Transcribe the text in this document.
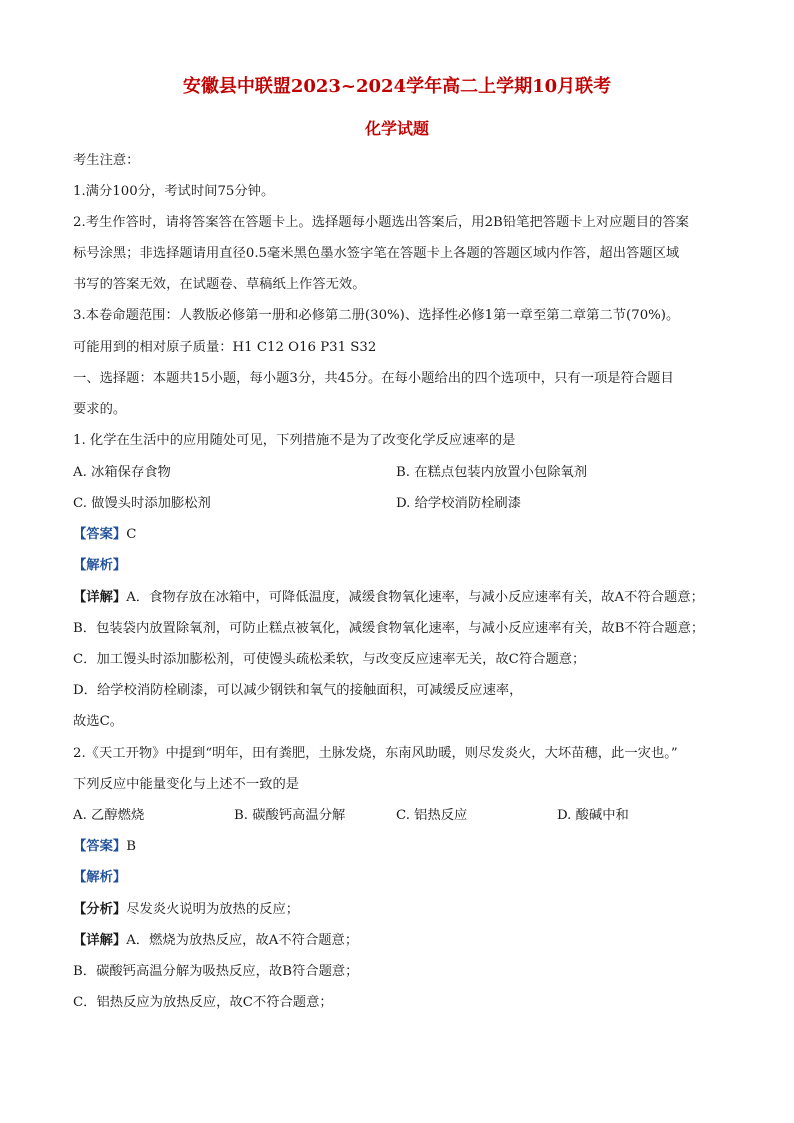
安徽县中联盟2023~2024学年高二上学期10月联考
化学试题
考生注意：
1.满分100分，考试时间75分钟。
2.考生作答时，请将答案答在答题卡上。选择题每小题选出答案后，用2B铅笔把答题卡上对应题目的答案
标号涂黑；非选择题请用直径0.5毫米黑色墨水签字笔在答题卡上各题的答题区域内作答，超出答题区域
书写的答案无效，在试题卷、草稿纸上作答无效。
3.本卷命题范围：人教版必修第一册和必修第二册(30%)、选择性必修1第一章至第二章第二节(70%)。
可能用到的相对原子质量：H1 C12 O16 P31 S32
一、选择题：本题共15小题，每小题3分，共45分。在每小题给出的四个选项中，只有一项是符合题目
要求的。
1. 化学在生活中的应用随处可见，下列措施不是为了改变化学反应速率的是
A. 冰箱保存食物	B. 在糕点包装内放置小包除氧剂
C. 做馒头时添加膨松剂	D. 给学校消防栓刷漆
【答案】C
【解析】
【详解】A．食物存放在冰箱中，可降低温度，减缓食物氧化速率，与减小反应速率有关，故A不符合题意；
B．包装袋内放置除氧剂，可防止糕点被氧化，减缓食物氧化速率，与减小反应速率有关，故B不符合题意；
C．加工馒头时添加膨松剂，可使馒头疏松柔软，与改变反应速率无关，故C符合题意；
D．给学校消防栓刷漆，可以减少钢铁和氧气的接触面积，可减缓反应速率，
故选C。
2.《天工开物》中提到“明年，田有粪肥，土脉发烧，东南风助暖，则尽发炎火，大坏苗穗，此一灾也。”
下列反应中能量变化与上述不一致的是
A. 乙醇燃烧	B. 碳酸钙高温分解	C. 铝热反应	D. 酸碱中和
【答案】B
【解析】
【分析】尽发炎火说明为放热的反应；
【详解】A．燃烧为放热反应，故A不符合题意；
B．碳酸钙高温分解为吸热反应，故B符合题意；
C．铝热反应为放热反应，故C不符合题意；
